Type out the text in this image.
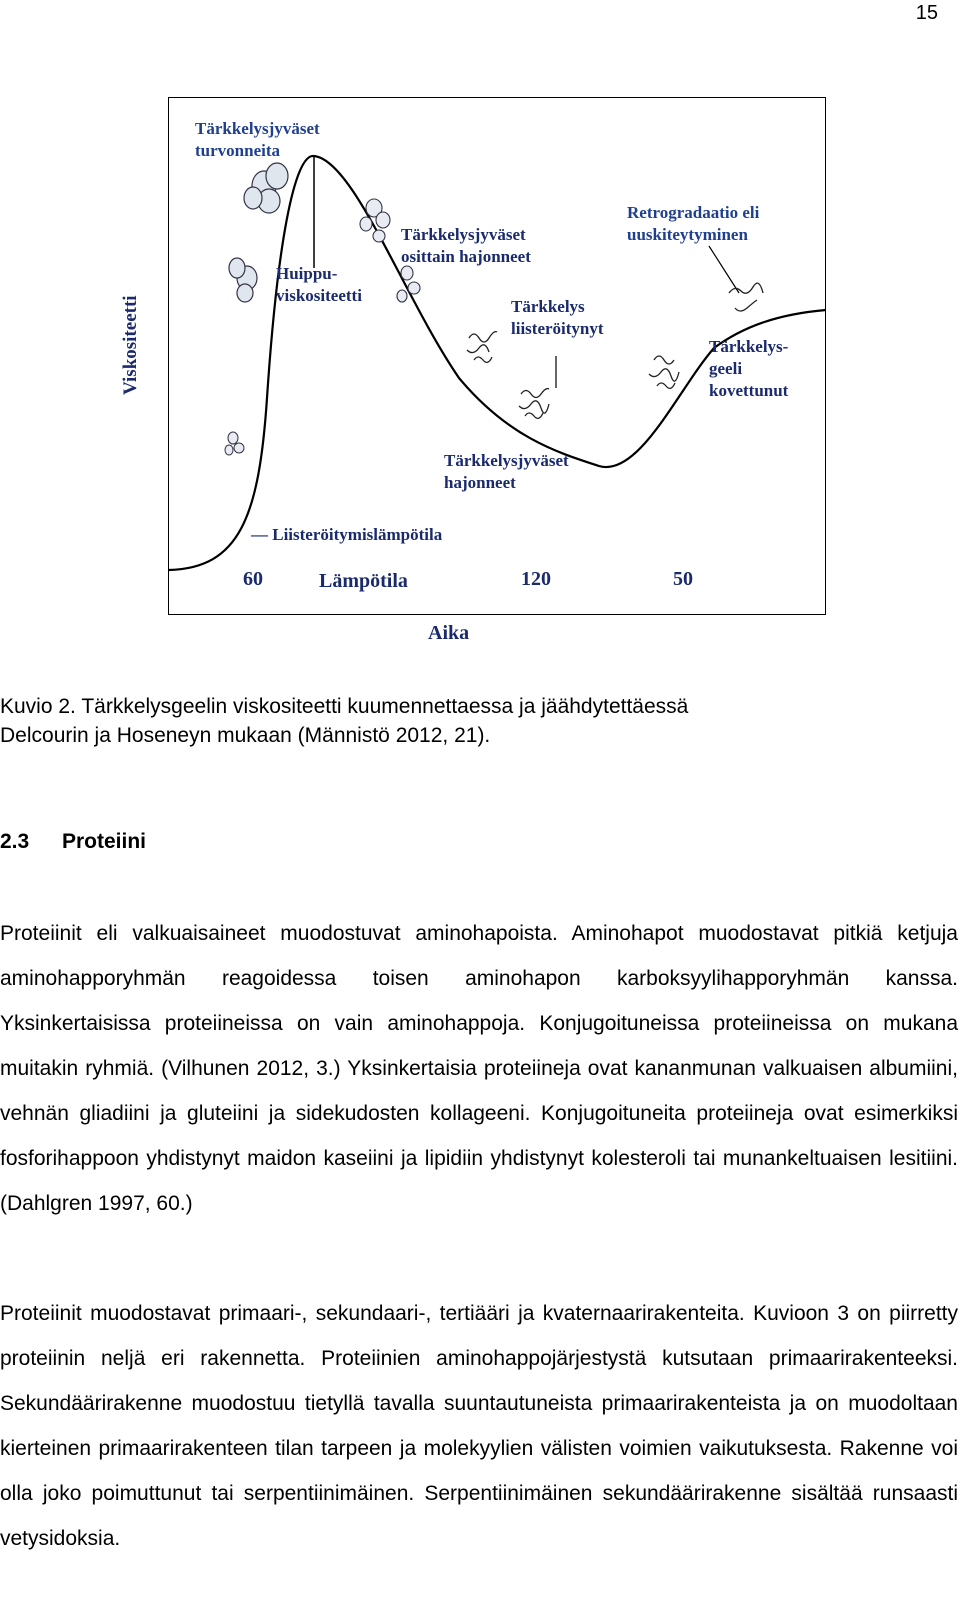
15
Tärkkelysjyväset
turvonneita
Huippu-
viskositeetti
Tärkkelysjyväset
osittain hajonneet
Tärkkelys
liisteröitynyt
Tärkkelysjyväset
hajonneet
Retrogradaatio eli
uuskiteytyminen
Tärkkelys-
geeli
kovettunut
— Liisteröitymislämpötila
60	Lämpötila	120	50
Viskositeetti
Aika
Kuvio 2. Tärkkelysgeelin viskositeetti kuumennettaessa ja jäähdytettäessä
Delcourin ja Hoseneyn mukaan (Männistö 2012, 21).
2.3 Proteiini

Proteiinit eli valkuaisaineet muodostuvat aminohapoista. Aminohapot muodostavat pitkiä ketjuja aminohapporyhmän reagoidessa toisen aminohapon karboksyylihapporyhmän kanssa. Yksinkertaisissa proteiineissa on vain aminohappoja. Konjugoituneissa proteiineissa on mukana muitakin ryhmiä. (Vilhunen 2012, 3.) Yksinkertaisia proteiineja ovat kananmunan valkuaisen albumiini, vehnän gliadiini ja gluteiini ja sidekudosten kollageeni. Konjugoituneita proteiineja ovat esimerkiksi fosforihappoon yhdistynyt maidon kaseiini ja lipidiin yhdistynyt kolesteroli tai munankeltuaisen lesitiini. (Dahlgren 1997, 60.)

Proteiinit muodostavat primaari-, sekundaari-, tertiääri ja kvaternaarirakenteita. Kuvioon 3 on piirretty proteiinin neljä eri rakennetta. Proteiinien aminohappojärjestystä kutsutaan primaarirakenteeksi. Sekundäärirakenne muodostuu tietyllä tavalla suuntautuneista primaarirakenteista ja on muodoltaan kierteinen primaarirakenteen tilan tarpeen ja molekyylien välisten voimien vaikutuksesta. Rakenne voi olla joko poimuttunut tai serpentiinimäinen. Serpentiinimäinen sekundäärirakenne sisältää runsaasti vetysidoksia.
